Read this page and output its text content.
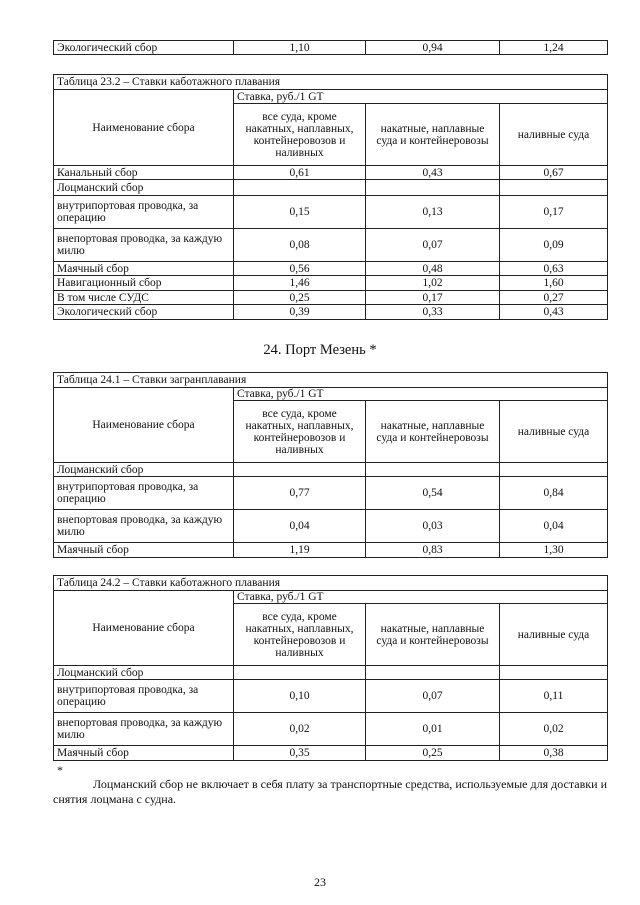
Экологический сбор	1,10	0,94	1,24
Таблица 23.2 – Ставки каботажного плавания			
Наименование сбора	Ставка, руб./1 GT		
	все суда, кроме накатных, наплавных, контейнеровозов и наливных	накатные, наплавные суда и контейнеровозы	наливные суда
Канальный сбор	0,61	0,43	0,67
Лоцманский сбор			
внутрипортовая проводка, за операцию	0,15	0,13	0,17
внепортовая проводка, за каждую милю	0,08	0,07	0,09
Маячный сбор	0,56	0,48	0,63
Навигационный сбор	1,46	1,02	1,60
В том числе СУДС	0,25	0,17	0,27
Экологический сбор	0,39	0,33	0,43
24. Порт Мезень *
Таблица 24.1 – Ставки загранплавания			
Наименование сбора	Ставка, руб./1 GT		
	все суда, кроме накатных, наплавных, контейнеровозов и наливных	накатные, наплавные суда и контейнеровозы	наливные суда
Лоцманский сбор			
внутрипортовая проводка, за операцию	0,77	0,54	0,84
внепортовая проводка, за каждую милю	0,04	0,03	0,04
Маячный сбор	1,19	0,83	1,30
Таблица 24.2 – Ставки каботажного плавания			
Наименование сбора	Ставка, руб./1 GT		
	все суда, кроме накатных, наплавных, контейнеровозов и наливных	накатные, наплавные суда и контейнеровозы	наливные суда
Лоцманский сбор			
внутрипортовая проводка, за операцию	0,10	0,07	0,11
внепортовая проводка, за каждую милю	0,02	0,01	0,02
Маячный сбор	0,35	0,25	0,38
*
Лоцманский сбор не включает в себя плату за транспортные средства, используемые для доставки и снятия лоцмана с судна.
23
